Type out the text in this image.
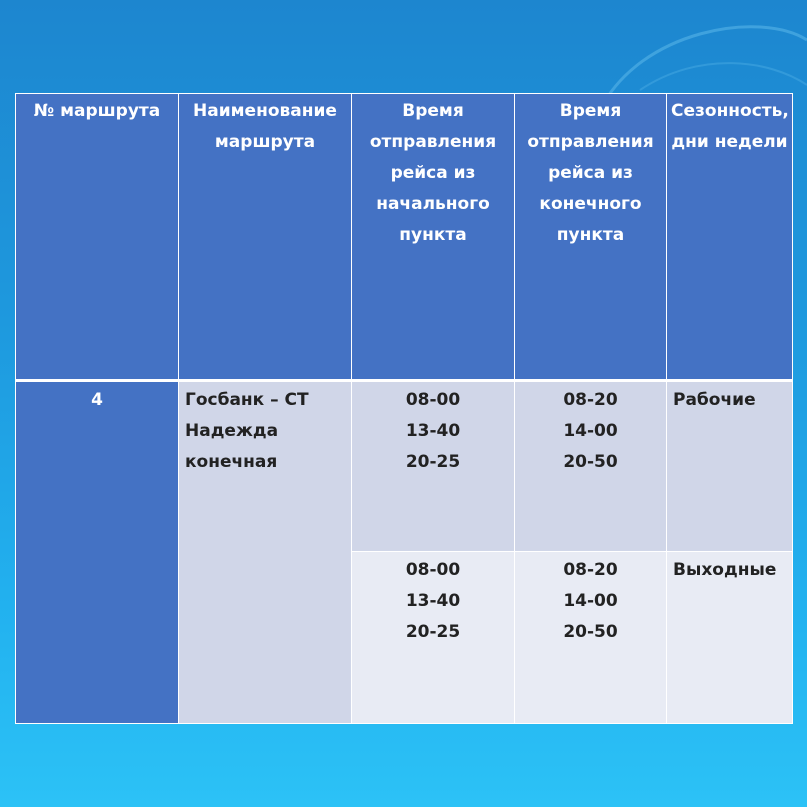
№ маршрута	Наименование
маршрута	Время
отправления
рейса из
начального
пункта	Время
отправления
рейса из
конечного
пункта	Сезонность,
дни недели

4	Госбанк – СТ
Надежда
конечная	08-00
13-40
20-25	08-20
14-00
20-50	Рабочие

		08-00
13-40
20-25	08-20
14-00
20-50	Выходные
